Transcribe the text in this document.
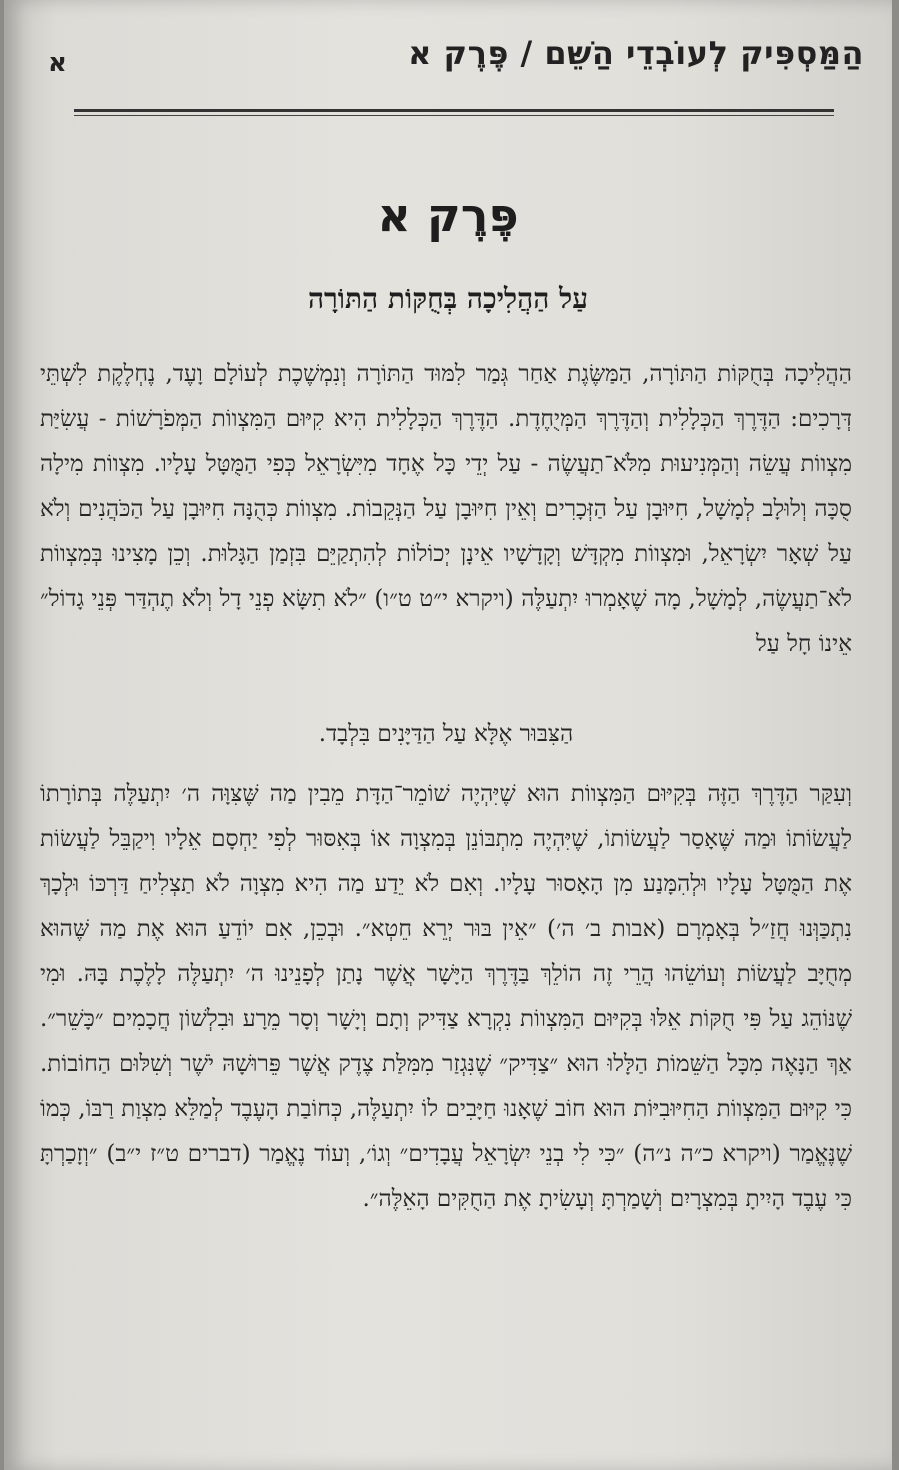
הַמַּסְפִּיק לְעוֹבְדֵי הַשֵּׁם / פֶּרֶק א
א
פֶּרֶק א
עַל הַהֲלִיכָה בְּחֻקּוֹת הַתּוֹרָה
הַהֲלִיכָה בְּחֻקּוֹת הַתּוֹרָה, הַמַּשֶּׂגֶת אַחַר גְּמַר לִמּוּד הַתּוֹרָה וְנִמְשֶׁכֶת לְעוֹלָם וָעֶד, נֶחְלֶקֶת לִשְׁתֵּי דְּרָכִים: הַדֶּרֶךְ הַכְּלָלִית וְהַדֶּרֶךְ הַמְּיֻחֶדֶת. הַדֶּרֶךְ הַכְּלָלִית הִיא קִיּוּם הַמִּצְווֹת הַמְּפֹרָשׁוֹת - עֲשִׂיַּת מִצְווֹת עֲשֵׂה וְהַמְּנִיעוּת מִלֹּא־תַעֲשֶׂה - עַל יְדֵי כָּל אֶחָד מִיִּשְׂרָאֵל כְּפִי הַמֻּטָּל עָלָיו. מִצְווֹת מִילָה סֻכָּה וְלוּלָב לְמָשָׁל, חִיּוּבָן עַל הַזְּכָרִים וְאֵין חִיּוּבָן עַל הַנְּקֵבוֹת. מִצְווֹת כְּהֻנָּה חִיּוּבָן עַל הַכֹּהֲנִים וְלֹא עַל שְׁאָר יִשְׂרָאֵל, וּמִצְווֹת מִקְדָּשׁ וְקָדָשָׁיו אֵינָן יְכוֹלוֹת לְהִתְקַיֵּם בִּזְמַן הַגָּלוּת. וְכֵן מָצִינוּ בְּמִצְווֹת לֹא־תַעֲשֶׂה, לְמָשָׁל, מָה שֶׁאָמְרוּ יִתְעַלֶּה (ויקרא י״ט ט״ו) ״לֹא תִשָּׂא פְנֵי דָל וְלֹא תֶהְדַּר פְּנֵי גָדוֹל״ אֵינוֹ חָל עַל
הַצִּבּוּר אֶלָּא עַל הַדַּיָּנִים בִּלְבָד.
וְעִקַּר הַדֶּרֶךְ הַזֶּה בְּקִיּוּם הַמִּצְווֹת הוּא שֶׁיִּהְיֶה שׁוֹמֵר־הַדָּת מֵבִין מַה שֶּׁצִּוָּה ה׳ יִתְעַלֶּה בְּתוֹרָתוֹ לַעֲשׂוֹתוֹ וּמַה שֶּׁאָסַר לַעֲשׂוֹתוֹ, שֶׁיִּהְיֶה מִתְבּוֹנֵן בְּמִצְוָה אוֹ בְּאִסּוּר לְפִי יַחְסָם אֵלָיו וִיקַבֵּל לַעֲשׂוֹת אֶת הַמֻּטָּל עָלָיו וּלְהִמָּנַע מִן הָאָסוּר עָלָיו. וְאִם לֹא יֵדַע מַה הִיא מִצְוָה לֹא תַצְלִיחַ דַּרְכּוֹ וּלְכָךְ נִתְכַּוְּנוּ חֲזַ״ל בְּאָמְרָם (אבות ב׳ ה׳) ״אֵין בּוּר יְרֵא חֵטְא״. וּבְכֵן, אִם יוֹדֵעַ הוּא אֶת מַה שֶּׁהוּא מְחֻיָּב לַעֲשׂוֹת וְעוֹשֵׂהוּ הֲרֵי זֶה הוֹלֵךְ בַּדֶּרֶךְ הַיָּשָׁר אֲשֶׁר נָתַן לְפָנֵינוּ ה׳ יִתְעַלֶּה לָלֶכֶת בָּהּ. וּמִי שֶׁנּוֹהֵג עַל פִּי חֻקּוֹת אֵלּוּ בְּקִיּוּם הַמִּצְווֹת נִקְרָא צַדִּיק וְתָם וְיָשָׁר וְסָר מֵרָע וּבִלְשׁוֹן חֲכָמִים ״כָּשֵׁר״. אַךְ הַנָּאֶה מִכָּל הַשֵּׁמוֹת הַלָּלוּ הוּא ״צַדִּיק״ שֶׁנִּגְזַר מִמִּלַּת צֶדֶק אֲשֶׁר פֵּרוּשָׁהּ יֹשֶׁר וְשִׁלּוּם הַחוֹבוֹת. כִּי קִיּוּם הַמִּצְווֹת הַחִיּוּבִיּוֹת הוּא חוֹב שֶׁאָנוּ חַיָּבִים לוֹ יִתְעַלֶּה, כְּחוֹבַת הָעֶבֶד לְמַלֵּא מִצְוַת רַבּוֹ, כְּמוֹ שֶׁנֶּאֱמַר (ויקרא כ״ה נ״ה) ״כִּי לִי בְנֵי יִשְׂרָאֵל עֲבָדִים״ וְגוֹ׳, וְעוֹד נֶאֱמַר (דברים ט״ז י״ב) ״וְזָכַרְתָּ כִּי עֶבֶד הָיִיתָ בְּמִצְרָיִם וְשָׁמַרְתָּ וְעָשִׂיתָ אֶת הַחֻקִּים הָאֵלֶּה״.
